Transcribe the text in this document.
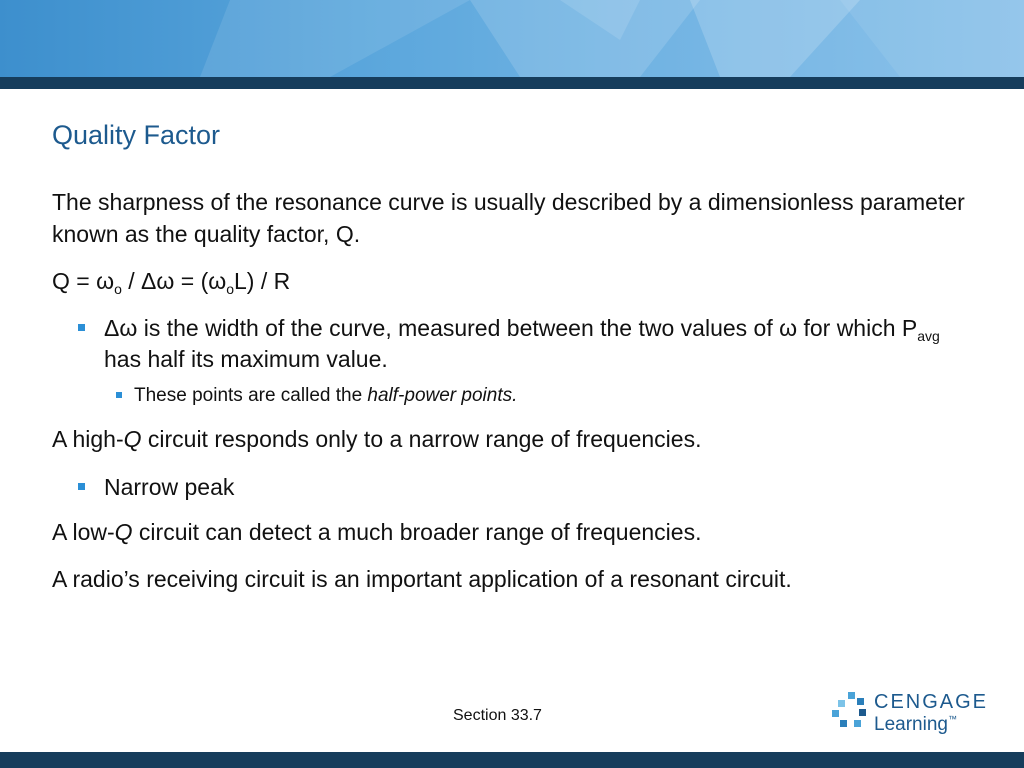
Quality Factor

The sharpness of the resonance curve is usually described by a dimensionless parameter known as the quality factor, Q.

$Q = \omega_o / \Delta\omega = (\omega_oL) / R$

Δω is the width of the curve, measured between the two values of ω for which $P_{avg}$ has half its maximum value.

These points are called the half-power points.

A high-Q circuit responds only to a narrow range of frequencies.

Narrow peak

A low-Q circuit can detect a much broader range of frequencies.

A radio’s receiving circuit is an important application of a resonant circuit.

Section 33.7
CENGAGE
Learning™
